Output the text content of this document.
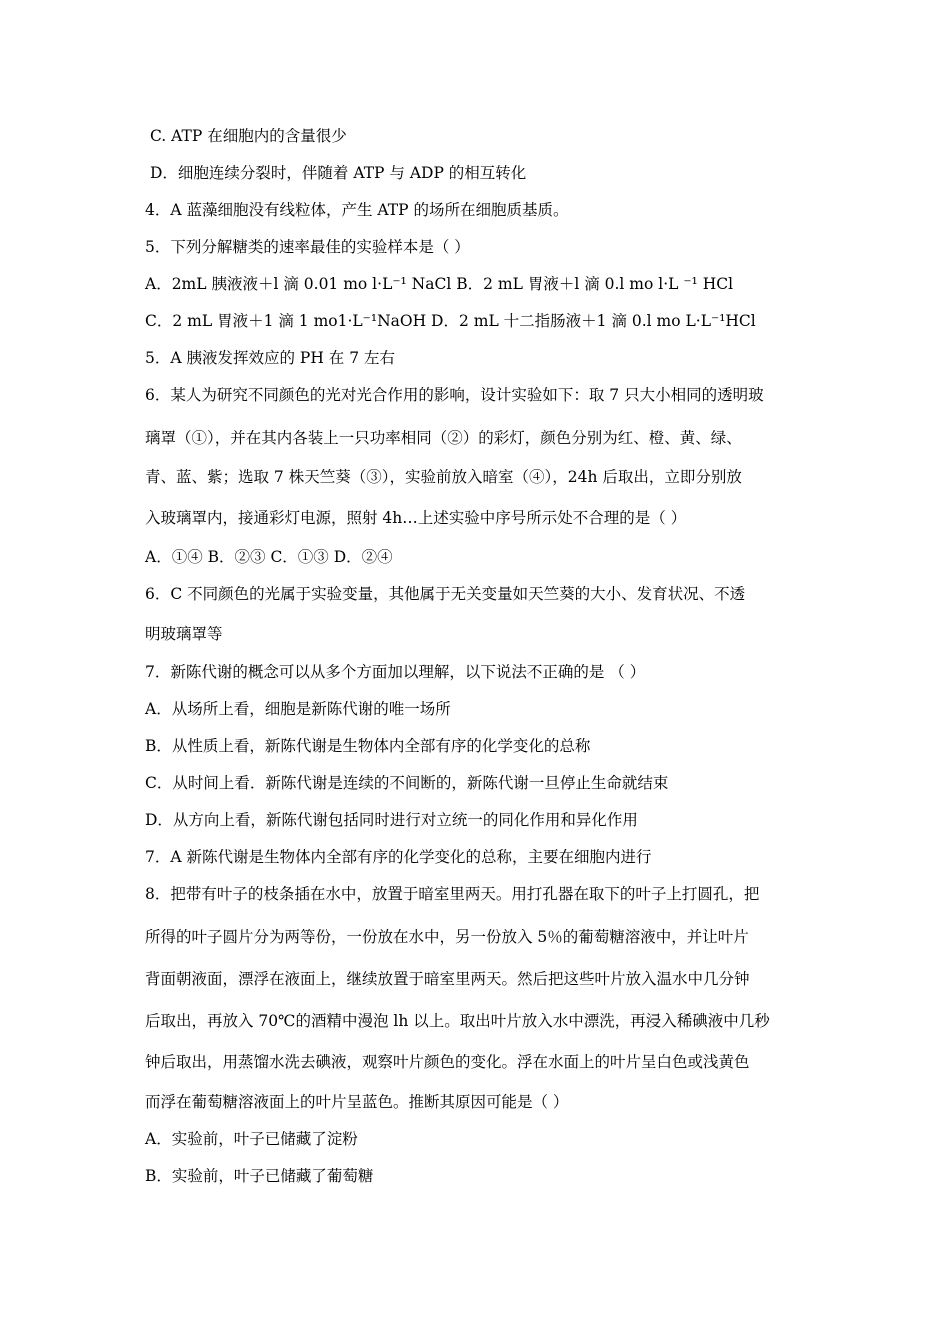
C. ATP 在细胞内的含量很少
D．细胞连续分裂时，伴随着 ATP 与 ADP 的相互转化
4．A 蓝藻细胞没有线粒体，产生 ATP 的场所在细胞质基质。
5．下列分解糖类的速率最佳的实验样本是（ ）
A．2mL 胰液液＋l 滴 0.01 mo l·L⁻¹ NaCl B．2 mL 胃液＋l 滴 0.l mo l·L ⁻¹ HCl
C．2 mL 胃液＋1 滴 1 mo1·L⁻¹NaOH D．2 mL 十二指肠液＋1 滴 0.l mo L·L⁻¹HCl
5．A 胰液发挥效应的 PH 在 7 左右
6．某人为研究不同颜色的光对光合作用的影响，设计实验如下：取 7 只大小相同的透明玻
璃罩（①），并在其内各装上一只功率相同（②）的彩灯，颜色分别为红、橙、黄、绿、
青、蓝、紫；选取 7 株天竺葵（③），实验前放入暗室（④），24h 后取出，立即分别放
入玻璃罩内，接通彩灯电源，照射 4h…上述实验中序号所示处不合理的是（ ）
A．①④ B．②③ C．①③ D．②④
6．C 不同颜色的光属于实验变量，其他属于无关变量如天竺葵的大小、发育状况、不透
明玻璃罩等
7．新陈代谢的概念可以从多个方面加以理解，以下说法不正确的是 （ ）
A．从场所上看，细胞是新陈代谢的唯一场所
B．从性质上看，新陈代谢是生物体内全部有序的化学变化的总称
C．从时间上看．新陈代谢是连续的不间断的，新陈代谢一旦停止生命就结束
D．从方向上看，新陈代谢包括同时进行对立统一的同化作用和异化作用
7．A 新陈代谢是生物体内全部有序的化学变化的总称，主要在细胞内进行
8．把带有叶子的枝条插在水中，放置于暗室里两天。用打孔器在取下的叶子上打圆孔，把
所得的叶子圆片分为两等份，一份放在水中，另一份放入 5％的葡萄糖溶液中，并让叶片
背面朝液面，漂浮在液面上，继续放置于暗室里两天。然后把这些叶片放入温水中几分钟
后取出，再放入 70℃的酒精中漫泡 lh 以上。取出叶片放入水中漂洗，再浸入稀碘液中几秒
钟后取出，用蒸馏水洗去碘液，观察叶片颜色的变化。浮在水面上的叶片呈白色或浅黄色
而浮在葡萄糖溶液面上的叶片呈蓝色。推断其原因可能是（ ）
A．实验前，叶子已储藏了淀粉
B．实验前，叶子已储藏了葡萄糖
